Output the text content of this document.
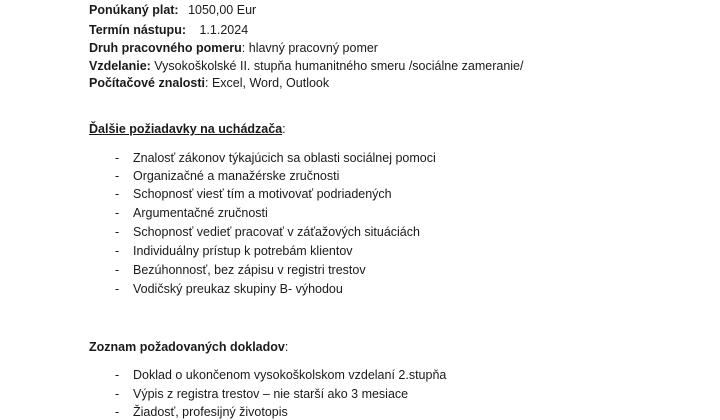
Ponúkaný plat: 1050,00 Eur
Termín nástupu: 1.1.2024
Druh pracovného pomeru: hlavný pracovný pomer
Vzdelanie: Vysokoškolské II. stupňa humanitného smeru /sociálne zameranie/
Počítačové znalosti: Excel, Word, Outlook
Ďalšie požiadavky na uchádzača:
- Znalosť zákonov týkajúcich sa oblasti sociálnej pomoci
- Organizačné a manažérske zručnosti
- Schopnosť viesť tím a motivovať podriadených
- Argumentačné zručnosti
- Schopnosť vedieť pracovať v záťažových situáciách
- Individuálny prístup k potrebám klientov
- Bezúhonnosť, bez zápisu v registri trestov
- Vodičský preukaz skupiny B- výhodou
Zoznam požadovaných dokladov:
- Doklad o ukončenom vysokoškolskom vzdelaní 2.stupňa
- Výpis z registra trestov – nie starší ako 3 mesiace
- Žiadosť, profesijný životopis
